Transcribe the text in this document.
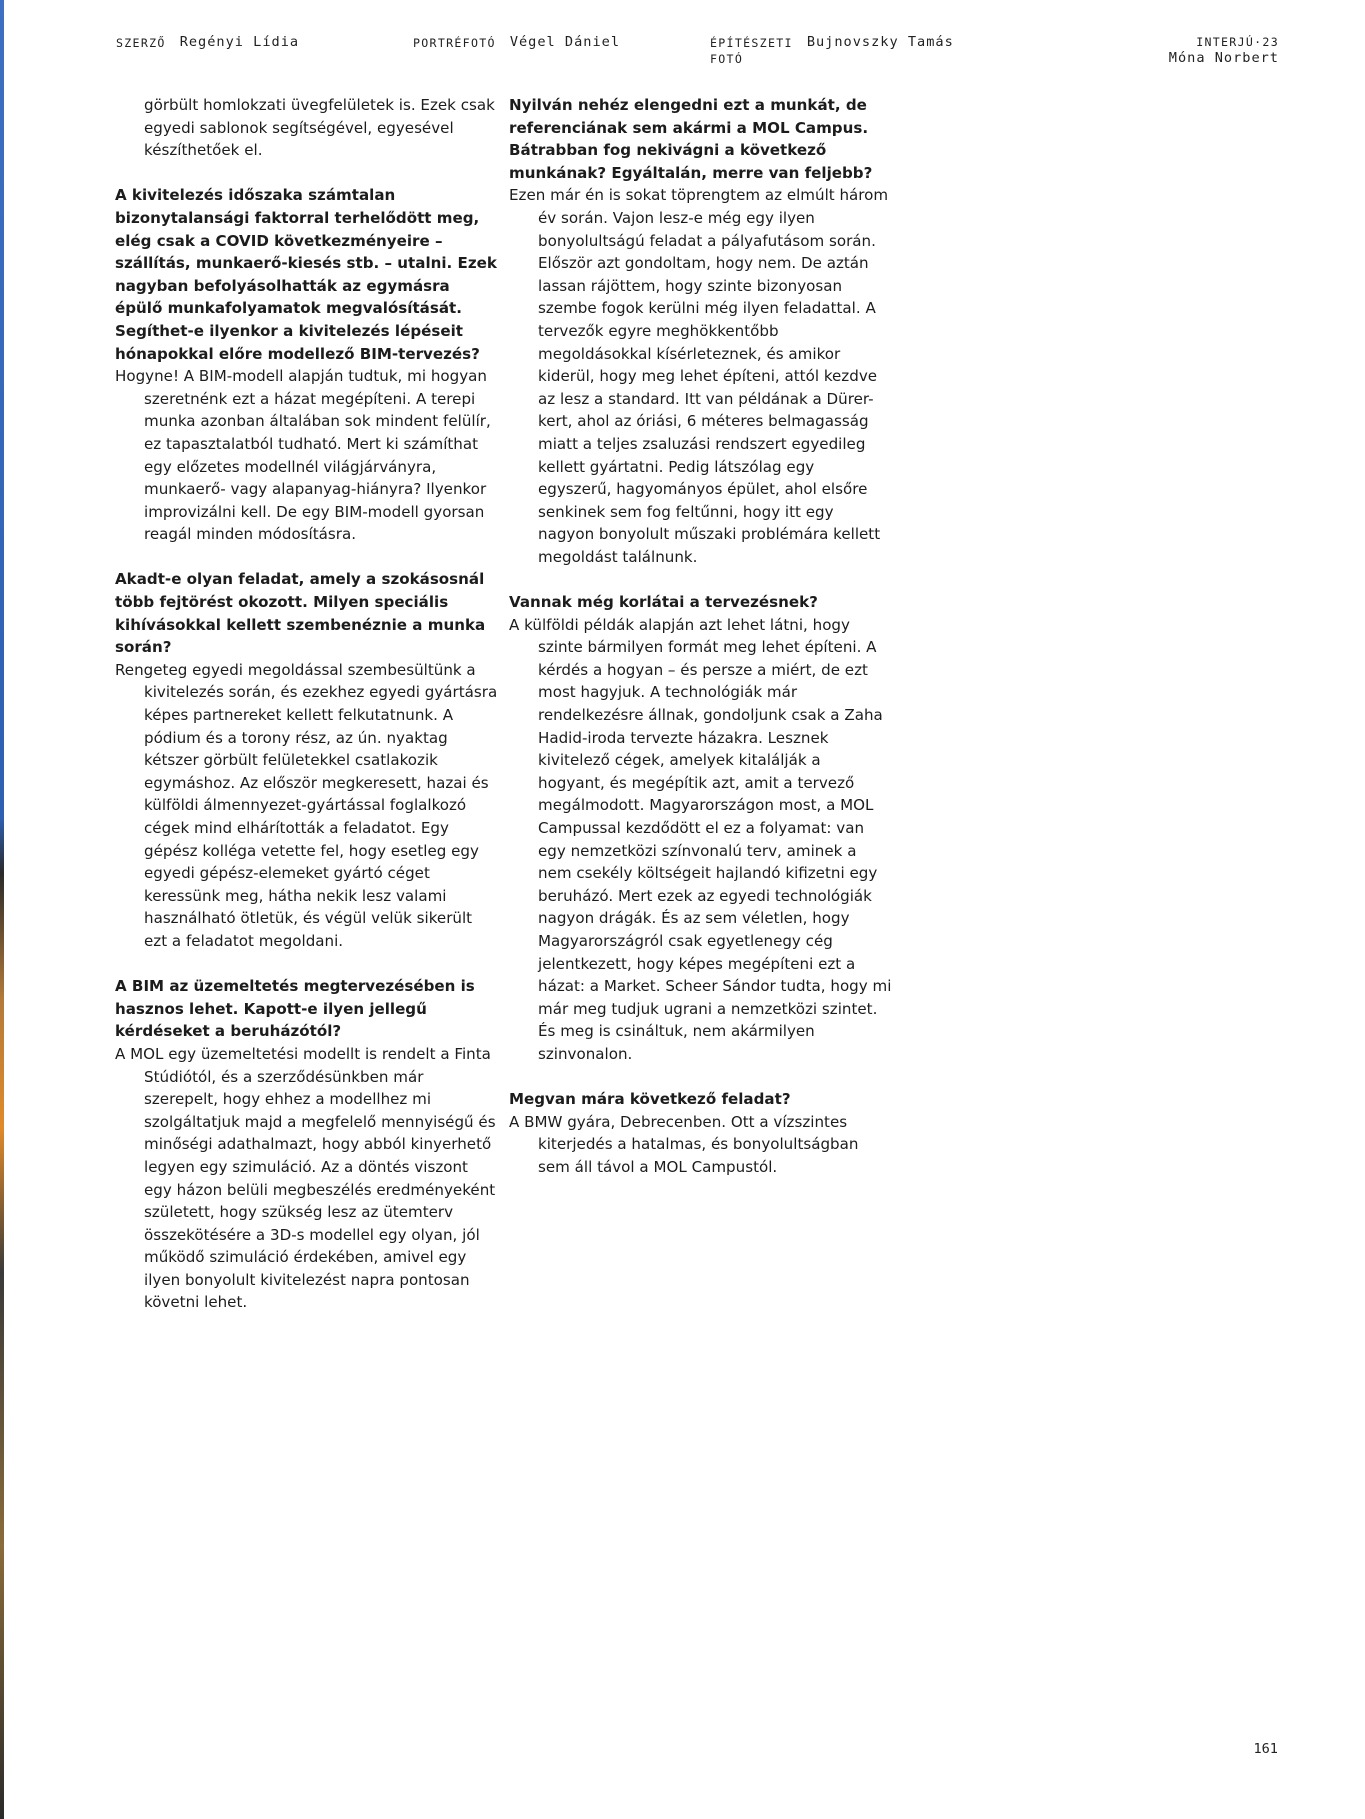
SZERZŐ Regényi Lídia	PORTRÉFOTÓ Végel Dániel	ÉPÍTÉSZETI
FOTÓ
Bujnovszky Tamás	INTERJÚ·23
Móna Norbert

görbült homlokzati üvegfelületek is. Ezek csak egyedi sablonok segítségével, egyesével készíthetőek el.

A kivitelezés időszaka számtalan bizonytalansági faktorral terhelődött meg, elég csak a COVID következményeire – szállítás, munkaerő-kiesés stb. – utalni. Ezek nagyban befolyásolhatták az egymásra épülő munkafolyamatok megvalósítását. Segíthet-e ilyenkor a kivitelezés lépéseit hónapokkal előre modellező BIM-tervezés?

Hogyne! A BIM-modell alapján tudtuk, mi hogyan szeretnénk ezt a házat megépíteni. A terepi munka azonban általában sok mindent felülír, ez tapasztalatból tudható. Mert ki számíthat egy előzetes modellnél világjárványra, munkaerő- vagy alapanyag-hiányra? Ilyenkor improvizálni kell. De egy BIM-modell gyorsan reagál minden módosításra.

Akadt-e olyan feladat, amely a szokásosnál több fejtörést okozott. Milyen speciális kihívásokkal kellett szembenéznie a munka során?

Rengeteg egyedi megoldással szembesültünk a kivitelezés során, és ezekhez egyedi gyártásra képes partnereket kellett felkutatnunk. A pódium és a torony rész, az ún. nyaktag kétszer görbült felületekkel csatlakozik egymáshoz. Az először megkeresett, hazai és külföldi álmennyezet-gyártással foglalkozó cégek mind elhárították a feladatot. Egy gépész kolléga vetette fel, hogy esetleg egy egyedi gépész-elemeket gyártó céget keressünk meg, hátha nekik lesz valami használható ötletük, és végül velük sikerült ezt a feladatot megoldani.

A BIM az üzemeltetés megtervezésében is hasznos lehet. Kapott-e ilyen jellegű kérdéseket a beruházótól?

A MOL egy üzemeltetési modellt is rendelt a Finta Stúdiótól, és a szerződésünkben már szerepelt, hogy ehhez a modellhez mi szolgáltatjuk majd a megfelelő mennyiségű és minőségi adathalmazt, hogy abból kinyerhető legyen egy szimuláció. Az a döntés viszont egy házon belüli megbeszélés eredményeként született, hogy szükség lesz az ütemterv összekötésére a 3D-s modellel egy olyan, jól működő szimuláció érdekében, amivel egy ilyen bonyolult kivitelezést napra pontosan követni lehet.

Nyilván nehéz elengedni ezt a munkát, de referenciának sem akármi a MOL Campus. Bátrabban fog nekivágni a következő munkának? Egyáltalán, merre van feljebb?

Ezen már én is sokat töprengtem az elmúlt három év során. Vajon lesz-e még egy ilyen bonyolultságú feladat a pályafutásom során. Először azt gondoltam, hogy nem. De aztán lassan rájöttem, hogy szinte bizonyosan szembe fogok kerülni még ilyen feladattal. A tervezők egyre meghökkentőbb megoldásokkal kísérleteznek, és amikor kiderül, hogy meg lehet építeni, attól kezdve az lesz a standard. Itt van példának a Dürer-kert, ahol az óriási, 6 méteres belmagasság miatt a teljes zsaluzási rendszert egyedileg kellett gyártatni. Pedig látszólag egy egyszerű, hagyományos épület, ahol elsőre senkinek sem fog feltűnni, hogy itt egy nagyon bonyolult műszaki problémára kellett megoldást találnunk.

Vannak még korlátai a tervezésnek?

A külföldi példák alapján azt lehet látni, hogy szinte bármilyen formát meg lehet építeni. A kérdés a hogyan – és persze a miért, de ezt most hagyjuk. A technológiák már rendelkezésre állnak, gondoljunk csak a Zaha Hadid-iroda tervezte házakra. Lesznek kivitelező cégek, amelyek kitalálják a hogyant, és megépítik azt, amit a tervező megálmodott. Magyarországon most, a MOL Campussal kezdődött el ez a folyamat: van egy nemzetközi színvonalú terv, aminek a nem csekély költségeit hajlandó kifizetni egy beruházó. Mert ezek az egyedi technológiák nagyon drágák. És az sem véletlen, hogy Magyarországról csak egyetlenegy cég jelentkezett, hogy képes megépíteni ezt a házat: a Market. Scheer Sándor tudta, hogy mi már meg tudjuk ugrani a nemzetközi szintet. És meg is csináltuk, nem akármilyen szinvonalon.

Megvan mára következő feladat?

A BMW gyára, Debrecenben. Ott a vízszintes kiterjedés a hatalmas, és bonyolultságban sem áll távol a MOL Campustól.

161
